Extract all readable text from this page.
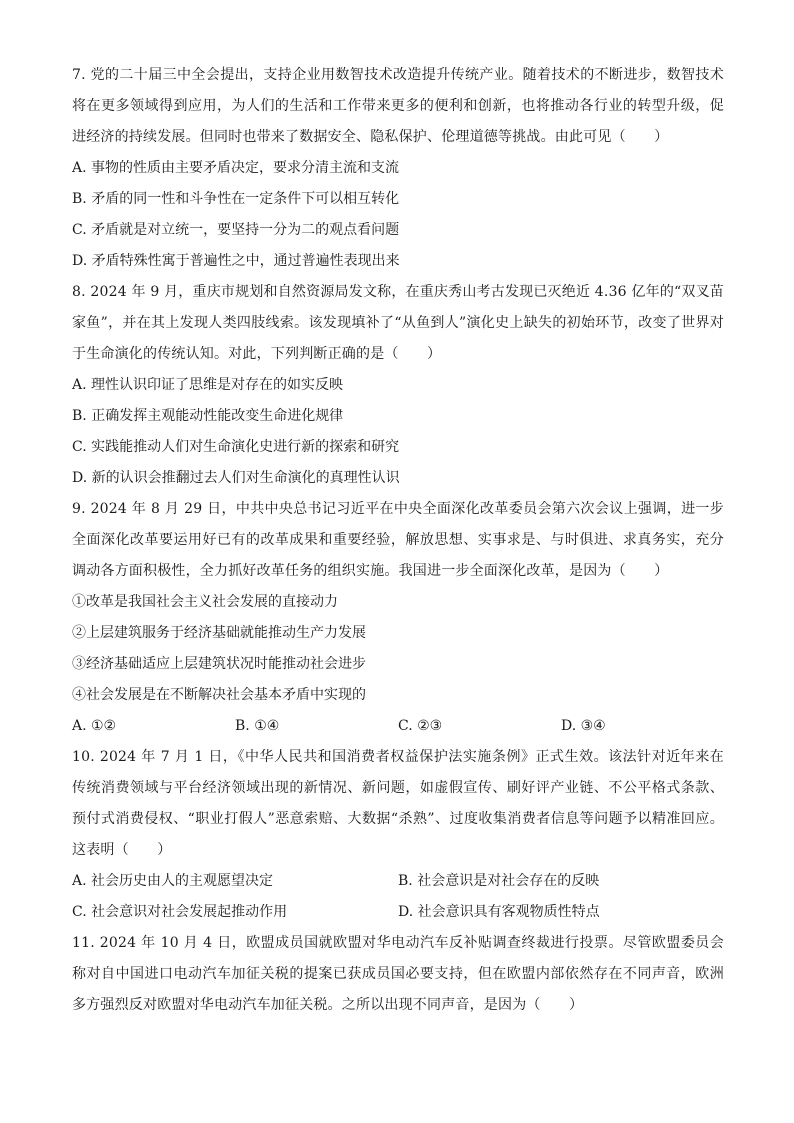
7. 党的二十届三中全会提出，支持企业用数智技术改造提升传统产业。随着技术的不断进步，数智技术将在更多领域得到应用，为人们的生活和工作带来更多的便利和创新，也将推动各行业的转型升级，促进经济的持续发展。但同时也带来了数据安全、隐私保护、伦理道德等挑战。由此可见（　　）

A. 事物的性质由主要矛盾决定，要求分清主流和支流

B. 矛盾的同一性和斗争性在一定条件下可以相互转化

C. 矛盾就是对立统一，要坚持一分为二的观点看问题

D. 矛盾特殊性寓于普遍性之中，通过普遍性表现出来

8. 2024 年 9 月，重庆市规划和自然资源局发文称，在重庆秀山考古发现已灭绝近 4.36 亿年的“双叉苗家鱼”，并在其上发现人类四肢线索。该发现填补了“从鱼到人”演化史上缺失的初始环节，改变了世界对于生命演化的传统认知。对此，下列判断正确的是（　　）

A. 理性认识印证了思维是对存在的如实反映

B. 正确发挥主观能动性能改变生命进化规律

C. 实践能推动人们对生命演化史进行新的探索和研究

D. 新的认识会推翻过去人们对生命演化的真理性认识

9. 2024 年 8 月 29 日，中共中央总书记习近平在中央全面深化改革委员会第六次会议上强调，进一步全面深化改革要运用好已有的改革成果和重要经验，解放思想、实事求是、与时俱进、求真务实，充分调动各方面积极性，全力抓好改革任务的组织实施。我国进一步全面深化改革，是因为（　　）

①改革是我国社会主义社会发展的直接动力

②上层建筑服务于经济基础就能推动生产力发展

③经济基础适应上层建筑状况时能推动社会进步

④社会发展是在不断解决社会基本矛盾中实现的

A. ①②	B. ①④	C. ②③	D. ③④

10. 2024 年 7 月 1 日，《中华人民共和国消费者权益保护法实施条例》正式生效。该法针对近年来在传统消费领域与平台经济领域出现的新情况、新问题，如虚假宣传、刷好评产业链、不公平格式条款、预付式消费侵权、“职业打假人”恶意索赔、大数据“杀熟”、过度收集消费者信息等问题予以精准回应。这表明（　　）

A. 社会历史由人的主观愿望决定	B. 社会意识是对社会存在的反映
C. 社会意识对社会发展起推动作用	D. 社会意识具有客观物质性特点

11. 2024 年 10 月 4 日，欧盟成员国就欧盟对华电动汽车反补贴调查终裁进行投票。尽管欧盟委员会称对自中国进口电动汽车加征关税的提案已获成员国必要支持，但在欧盟内部依然存在不同声音，欧洲多方强烈反对欧盟对华电动汽车加征关税。之所以出现不同声音，是因为（　　）
